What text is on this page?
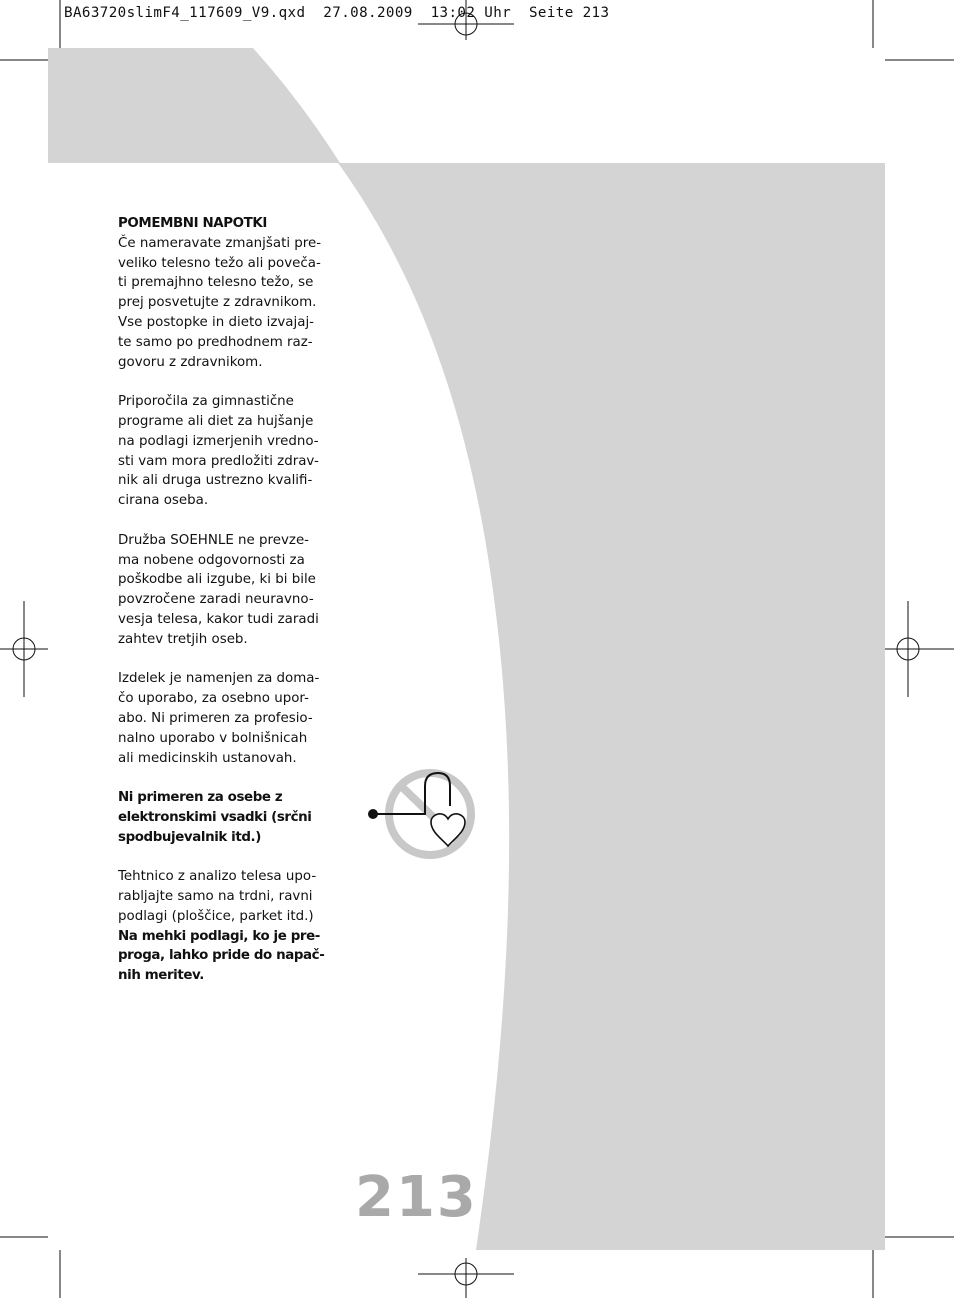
BA63720slimF4_117609_V9.qxd  27.08.2009  13:02 Uhr  Seite 213

POMEMBNI NAPOTKI
Če nameravate zmanjšati pre-
veliko telesno težo ali poveča-
ti premajhno telesno težo, se
prej posvetujte z zdravnikom.
Vse postopke in dieto izvajaj-
te samo po predhodnem raz-
govoru z zdravnikom.

Priporočila za gimnastične
programe ali diet za hujšanje
na podlagi izmerjenih vredno-
sti vam mora predložiti zdrav-
nik ali druga ustrezno kvalifi-
cirana oseba.

Družba SOEHNLE ne prevze-
ma nobene odgovornosti za
poškodbe ali izgube, ki bi bile
povzročene zaradi neuravno-
vesja telesa, kakor tudi zaradi
zahtev tretjih oseb.

Izdelek je namenjen za doma-
čo uporabo, za osebno upor-
abo. Ni primeren za profesio-
nalno uporabo v bolnišnicah
ali medicinskih ustanovah.

Ni primeren za osebe z
elektronskimi vsadki (srčni
spodbujevalnik itd.)

Tehtnico z analizo telesa upo-
rabljajte samo na trdni, ravni
podlagi (ploščice, parket itd.)
Na mehki podlagi, ko je pre-
proga, lahko pride do napač-
nih meritev.

213
